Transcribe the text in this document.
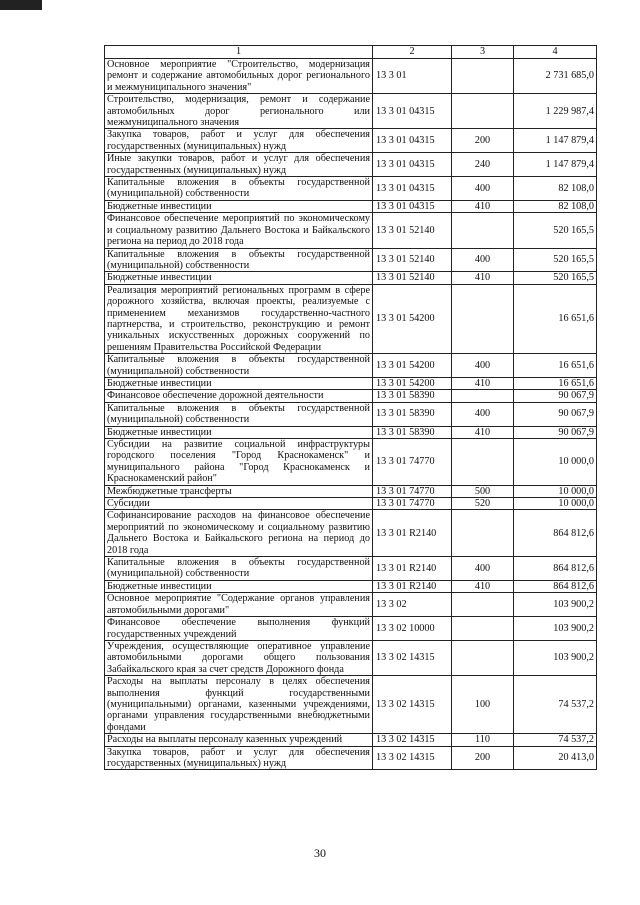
1	2	3	4
Основное мероприятие "Строительство, модернизация ремонт и содержание автомобильных дорог регионального и межмуниципального значения"	13 3 01		2 731 685,0
Строительство, модернизация, ремонт и содержание автомобильных дорог регионального или межмуниципального значения	13 3 01 04315		1 229 987,4
Закупка товаров, работ и услуг для обеспечения государственных (муниципальных) нужд	13 3 01 04315	200	1 147 879,4
Иные закупки товаров, работ и услуг для обеспечения государственных (муниципальных) нужд	13 3 01 04315	240	1 147 879,4
Капитальные вложения в объекты государственной (муниципальной) собственности	13 3 01 04315	400	82 108,0
Бюджетные инвестиции	13 3 01 04315	410	82 108,0
Финансовое обеспечение мероприятий по экономическому и социальному развитию Дальнего Востока и Байкальского региона на период до 2018 года	13 3 01 52140		520 165,5
Капитальные вложения в объекты государственной (муниципальной) собственности	13 3 01 52140	400	520 165,5
Бюджетные инвестиции	13 3 01 52140	410	520 165,5
Реализация мероприятий региональных программ в сфере дорожного хозяйства, включая проекты, реализуемые с применением механизмов государственно-частного партнерства, и строительство, реконструкцию и ремонт уникальных искусственных дорожных сооружений по решениям Правительства Российской Федерации	13 3 01 54200		16 651,6
Капитальные вложения в объекты государственной (муниципальной) собственности	13 3 01 54200	400	16 651,6
Бюджетные инвестиции	13 3 01 54200	410	16 651,6
Финансовое обеспечение дорожной деятельности	13 3 01 58390		90 067,9
Капитальные вложения в объекты государственной (муниципальной) собственности	13 3 01 58390	400	90 067,9
Бюджетные инвестиции	13 3 01 58390	410	90 067,9
Субсидии на развитие социальной инфраструктуры городского поселения "Город Краснокаменск" и муниципального района "Город Краснокаменск и Краснокаменский район"	13 3 01 74770		10 000,0
Межбюджетные трансферты	13 3 01 74770	500	10 000,0
Субсидии	13 3 01 74770	520	10 000,0
Софинансирование расходов на финансовое обеспечение мероприятий по экономическому и социальному развитию Дальнего Востока и Байкальского региона на период до 2018 года	13 3 01 R2140		864 812,6
Капитальные вложения в объекты государственной (муниципальной) собственности	13 3 01 R2140	400	864 812,6
Бюджетные инвестиции	13 3 01 R2140	410	864 812,6
Основное мероприятие "Содержание органов управления автомобильными дорогами"	13 3 02		103 900,2
Финансовое обеспечение выполнения функций государственных учреждений	13 3 02 10000		103 900,2
Учреждения, осуществляющие оперативное управление автомобильными дорогами общего пользования Забайкальского края за счет средств Дорожного фонда	13 3 02 14315		103 900,2
Расходы на выплаты персоналу в целях обеспечения выполнения функций государственными (муниципальными) органами, казенными учреждениями, органами управления государственными внебюджетными фондами	13 3 02 14315	100	74 537,2
Расходы на выплаты персоналу казенных учреждений	13 3 02 14315	110	74 537,2
Закупка товаров, работ и услуг для обеспечения государственных (муниципальных) нужд	13 3 02 14315	200	20 413,0
30
